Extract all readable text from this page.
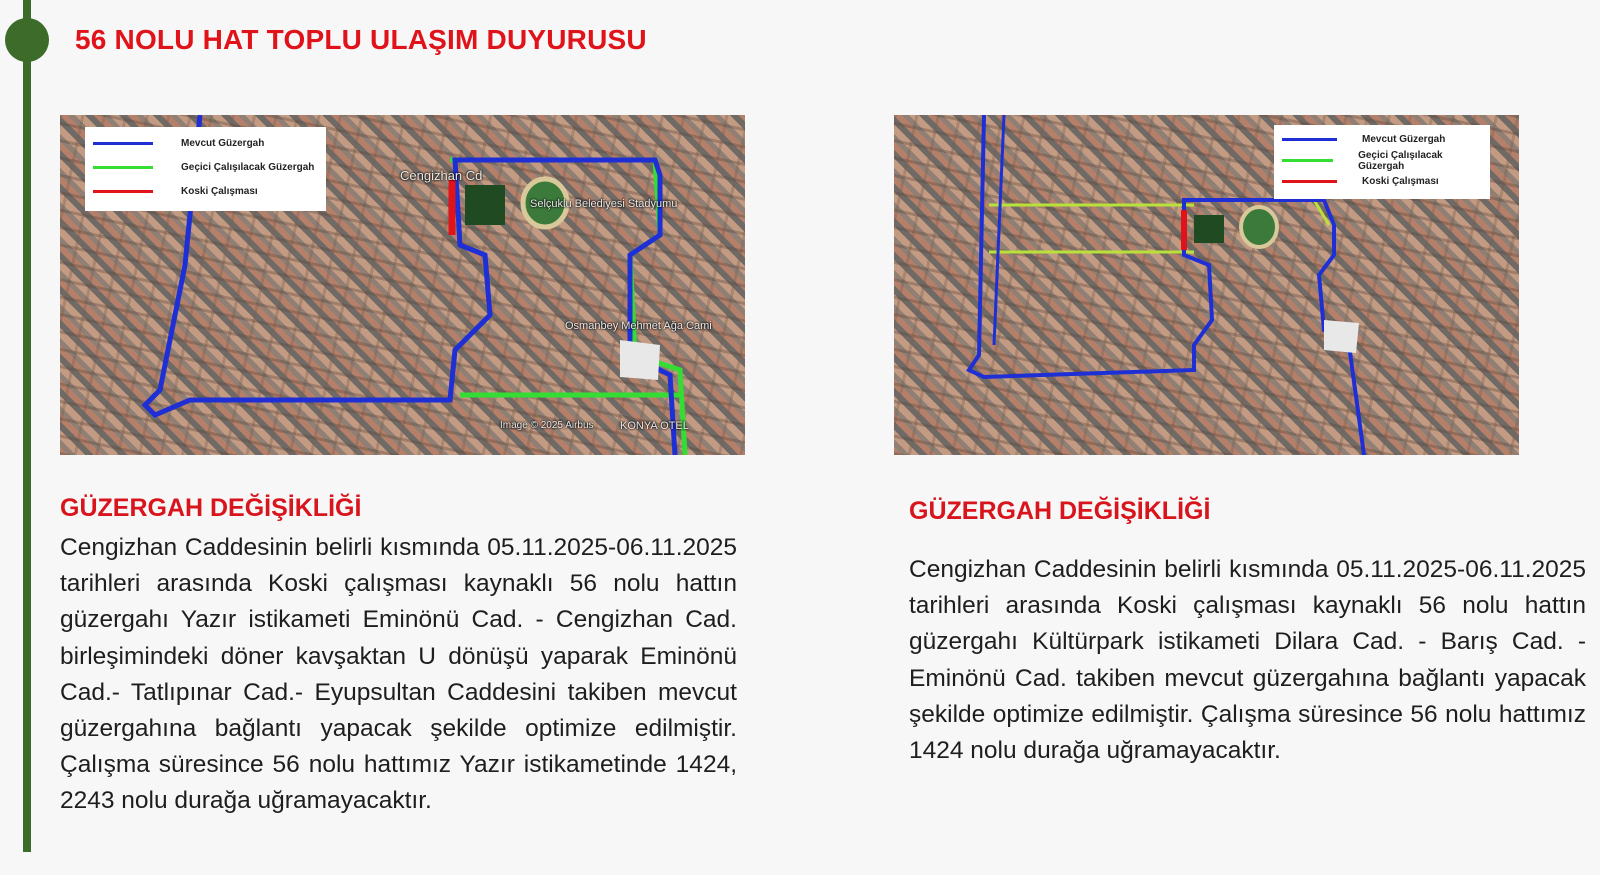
56 NOLU HAT TOPLU ULAŞIM DUYURUSU
Mevcut Güzergah
Geçici Çalışılacak Güzergah
Koski Çalışması
Cengizhan Cd
Selçuklu Belediyesi Stadyumu
Osmanbey Mehmet Ağa Cami
Image © 2025 Airbus KONYA OTEL
Mevcut Güzergah
Geçici Çalışılacak Güzergah
Koski Çalışması
GÜZERGAH DEĞİŞİKLİĞİ

Cengizhan Caddesinin belirli kısmında 05.11.2025-06.11.2025 tarihleri arasında Koski çalışması kaynaklı 56 nolu hattın güzergahı Yazır istikameti Eminönü Cad. - Cengizhan Cad. birleşimindeki döner kavşaktan U dönüşü yaparak Eminönü Cad.- Tatlıpınar Cad.- Eyupsultan Caddesini takiben mevcut güzergahına bağlantı yapacak şekilde optimize edilmiştir. Çalışma süresince 56 nolu hattımız Yazır istikametinde 1424, 2243 nolu durağa uğramayacaktır.

GÜZERGAH DEĞİŞİKLİĞİ

Cengizhan Caddesinin belirli kısmında 05.11.2025-06.11.2025 tarihleri arasında Koski çalışması kaynaklı 56 nolu hattın güzergahı Kültürpark istikameti Dilara Cad. - Barış Cad. - Eminönü Cad. takiben mevcut güzergahına bağlantı yapacak şekilde optimize edilmiştir. Çalışma süresince 56 nolu hattımız 1424 nolu durağa uğramayacaktır.
